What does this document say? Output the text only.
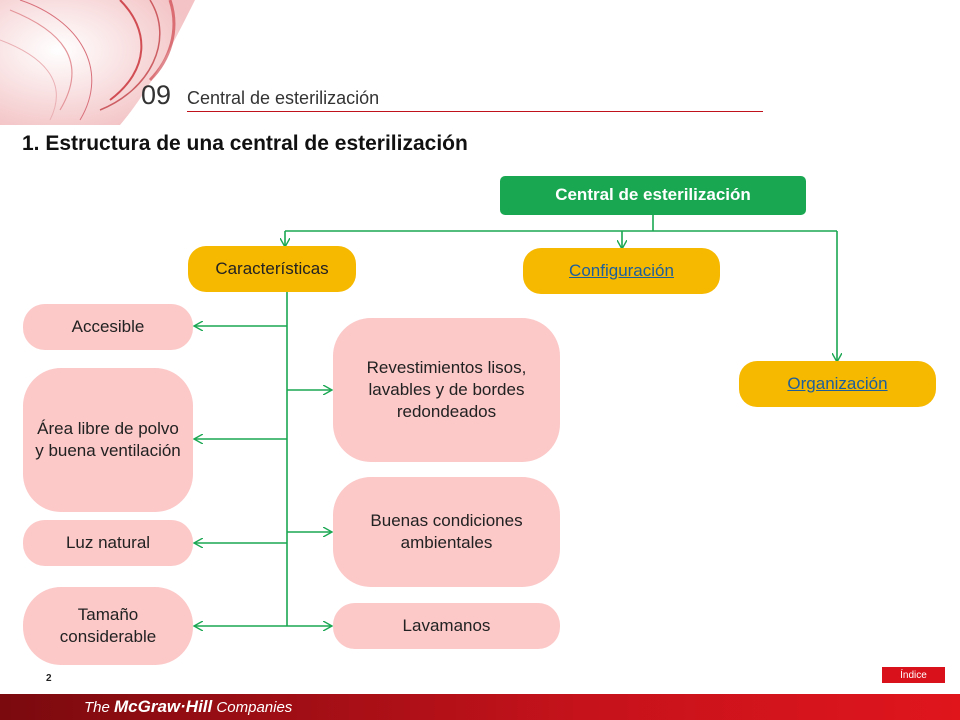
09 Central de esterilización
1. Estructura de una central de esterilización
Central de esterilización
Características	Configuración
Organización
Accesible
Área libre de polvo y buena ventilación
Luz natural
Tamaño considerable
Revestimientos lisos, lavables y de bordes redondeados
Buenas condiciones ambientales
Lavamanos
2	Índice
The McGraw·Hill Companies
